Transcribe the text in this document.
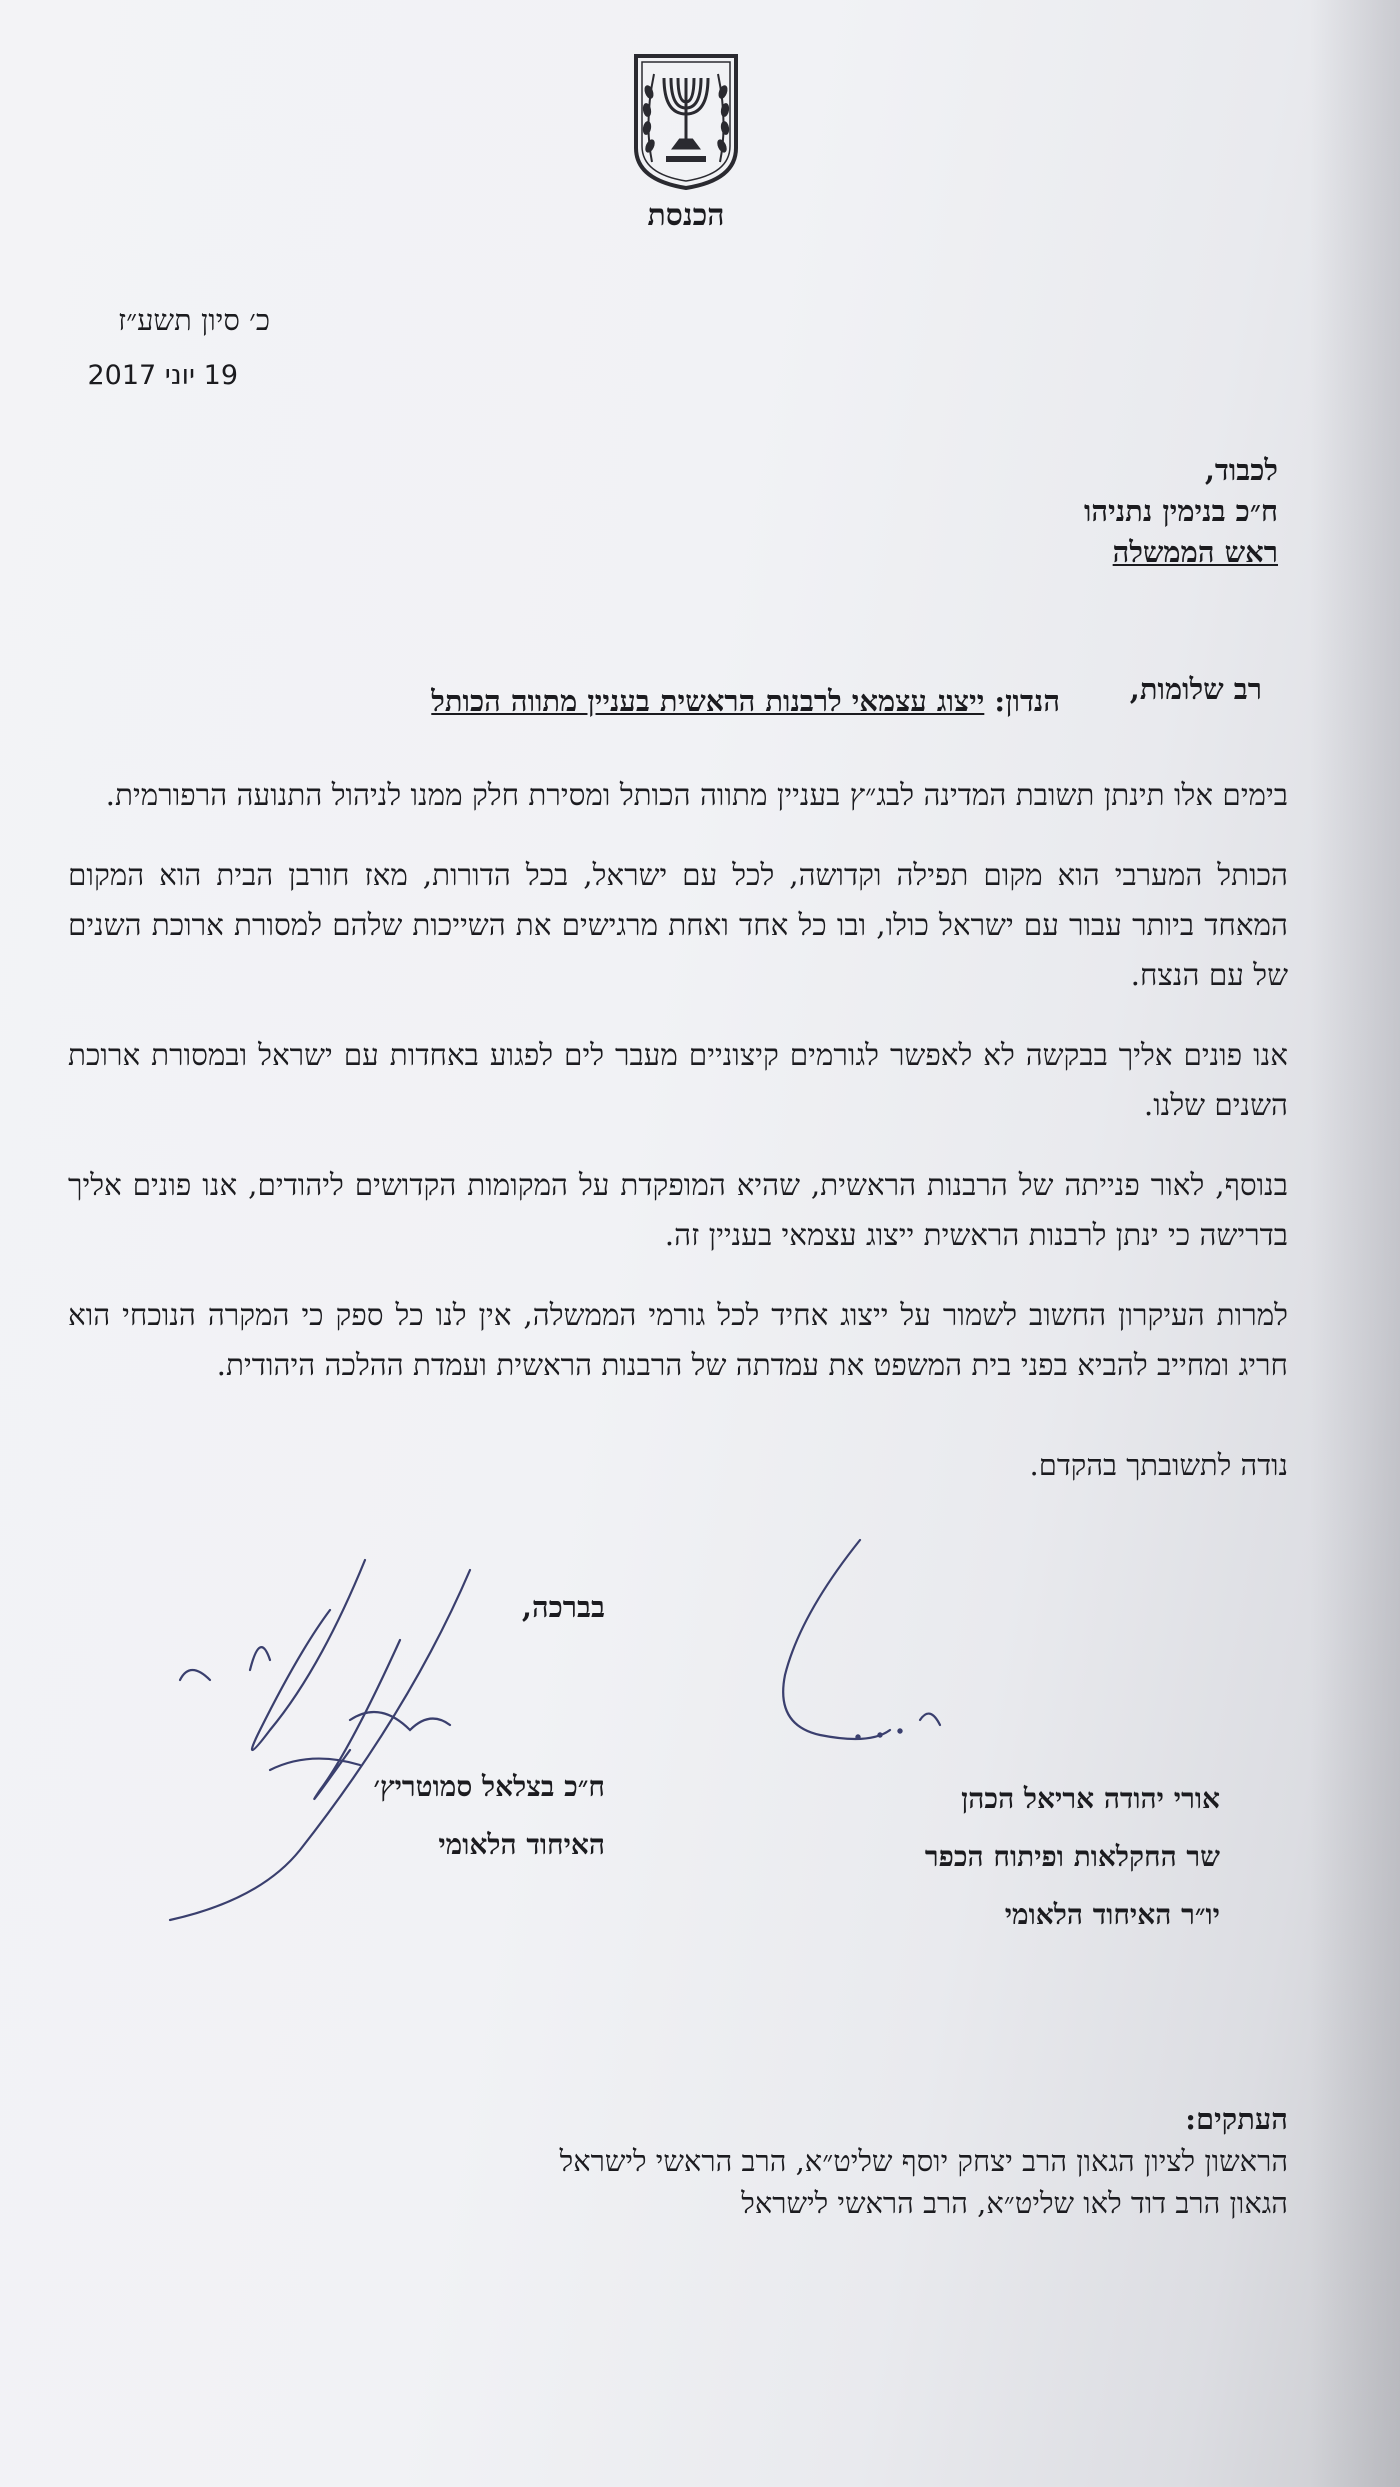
הכנסת
כ׳ סיון תשע״ז
19 יוני 2017
לכבוד,
ח״כ בנימין נתניהו
ראש הממשלה
רב שלומות,
הנדון: ייצוג עצמאי לרבנות הראשית בעניין מתווה הכותל

בימים אלו תינתן תשובת המדינה לבג״ץ בעניין מתווה הכותל ומסירת חלק ממנו לניהול התנועה הרפורמית.

הכותל המערבי הוא מקום תפילה וקדושה, לכל עם ישראל, בכל הדורות, מאז חורבן הבית הוא המקום המאחד ביותר עבור עם ישראל כולו, ובו כל אחד ואחת מרגישים את השייכות שלהם למסורת ארוכת השנים של עם הנצח.

אנו פונים אליך בבקשה לא לאפשר לגורמים קיצוניים מעבר לים לפגוע באחדות עם ישראל ובמסורת ארוכת השנים שלנו.

בנוסף, לאור פנייתה של הרבנות הראשית, שהיא המופקדת על המקומות הקדושים ליהודים, אנו פונים אליך בדרישה כי ינתן לרבנות הראשית ייצוג עצמאי בעניין זה.

למרות העיקרון החשוב לשמור על ייצוג אחיד לכל גורמי הממשלה, אין לנו כל ספק כי המקרה הנוכחי הוא חריג ומחייב להביא בפני בית המשפט את עמדתה של הרבנות הראשית ועמדת ההלכה היהודית.

נודה לתשובתך בהקדם.
בברכה,
ח״כ בצלאל סמוטריץ׳
האיחוד הלאומי
אורי יהודה אריאל הכהן
שר החקלאות ופיתוח הכפר
יו״ר האיחוד הלאומי
העתקים:
הראשון לציון הגאון הרב יצחק יוסף שליט״א, הרב הראשי לישראל
הגאון הרב דוד לאו שליט״א, הרב הראשי לישראל
